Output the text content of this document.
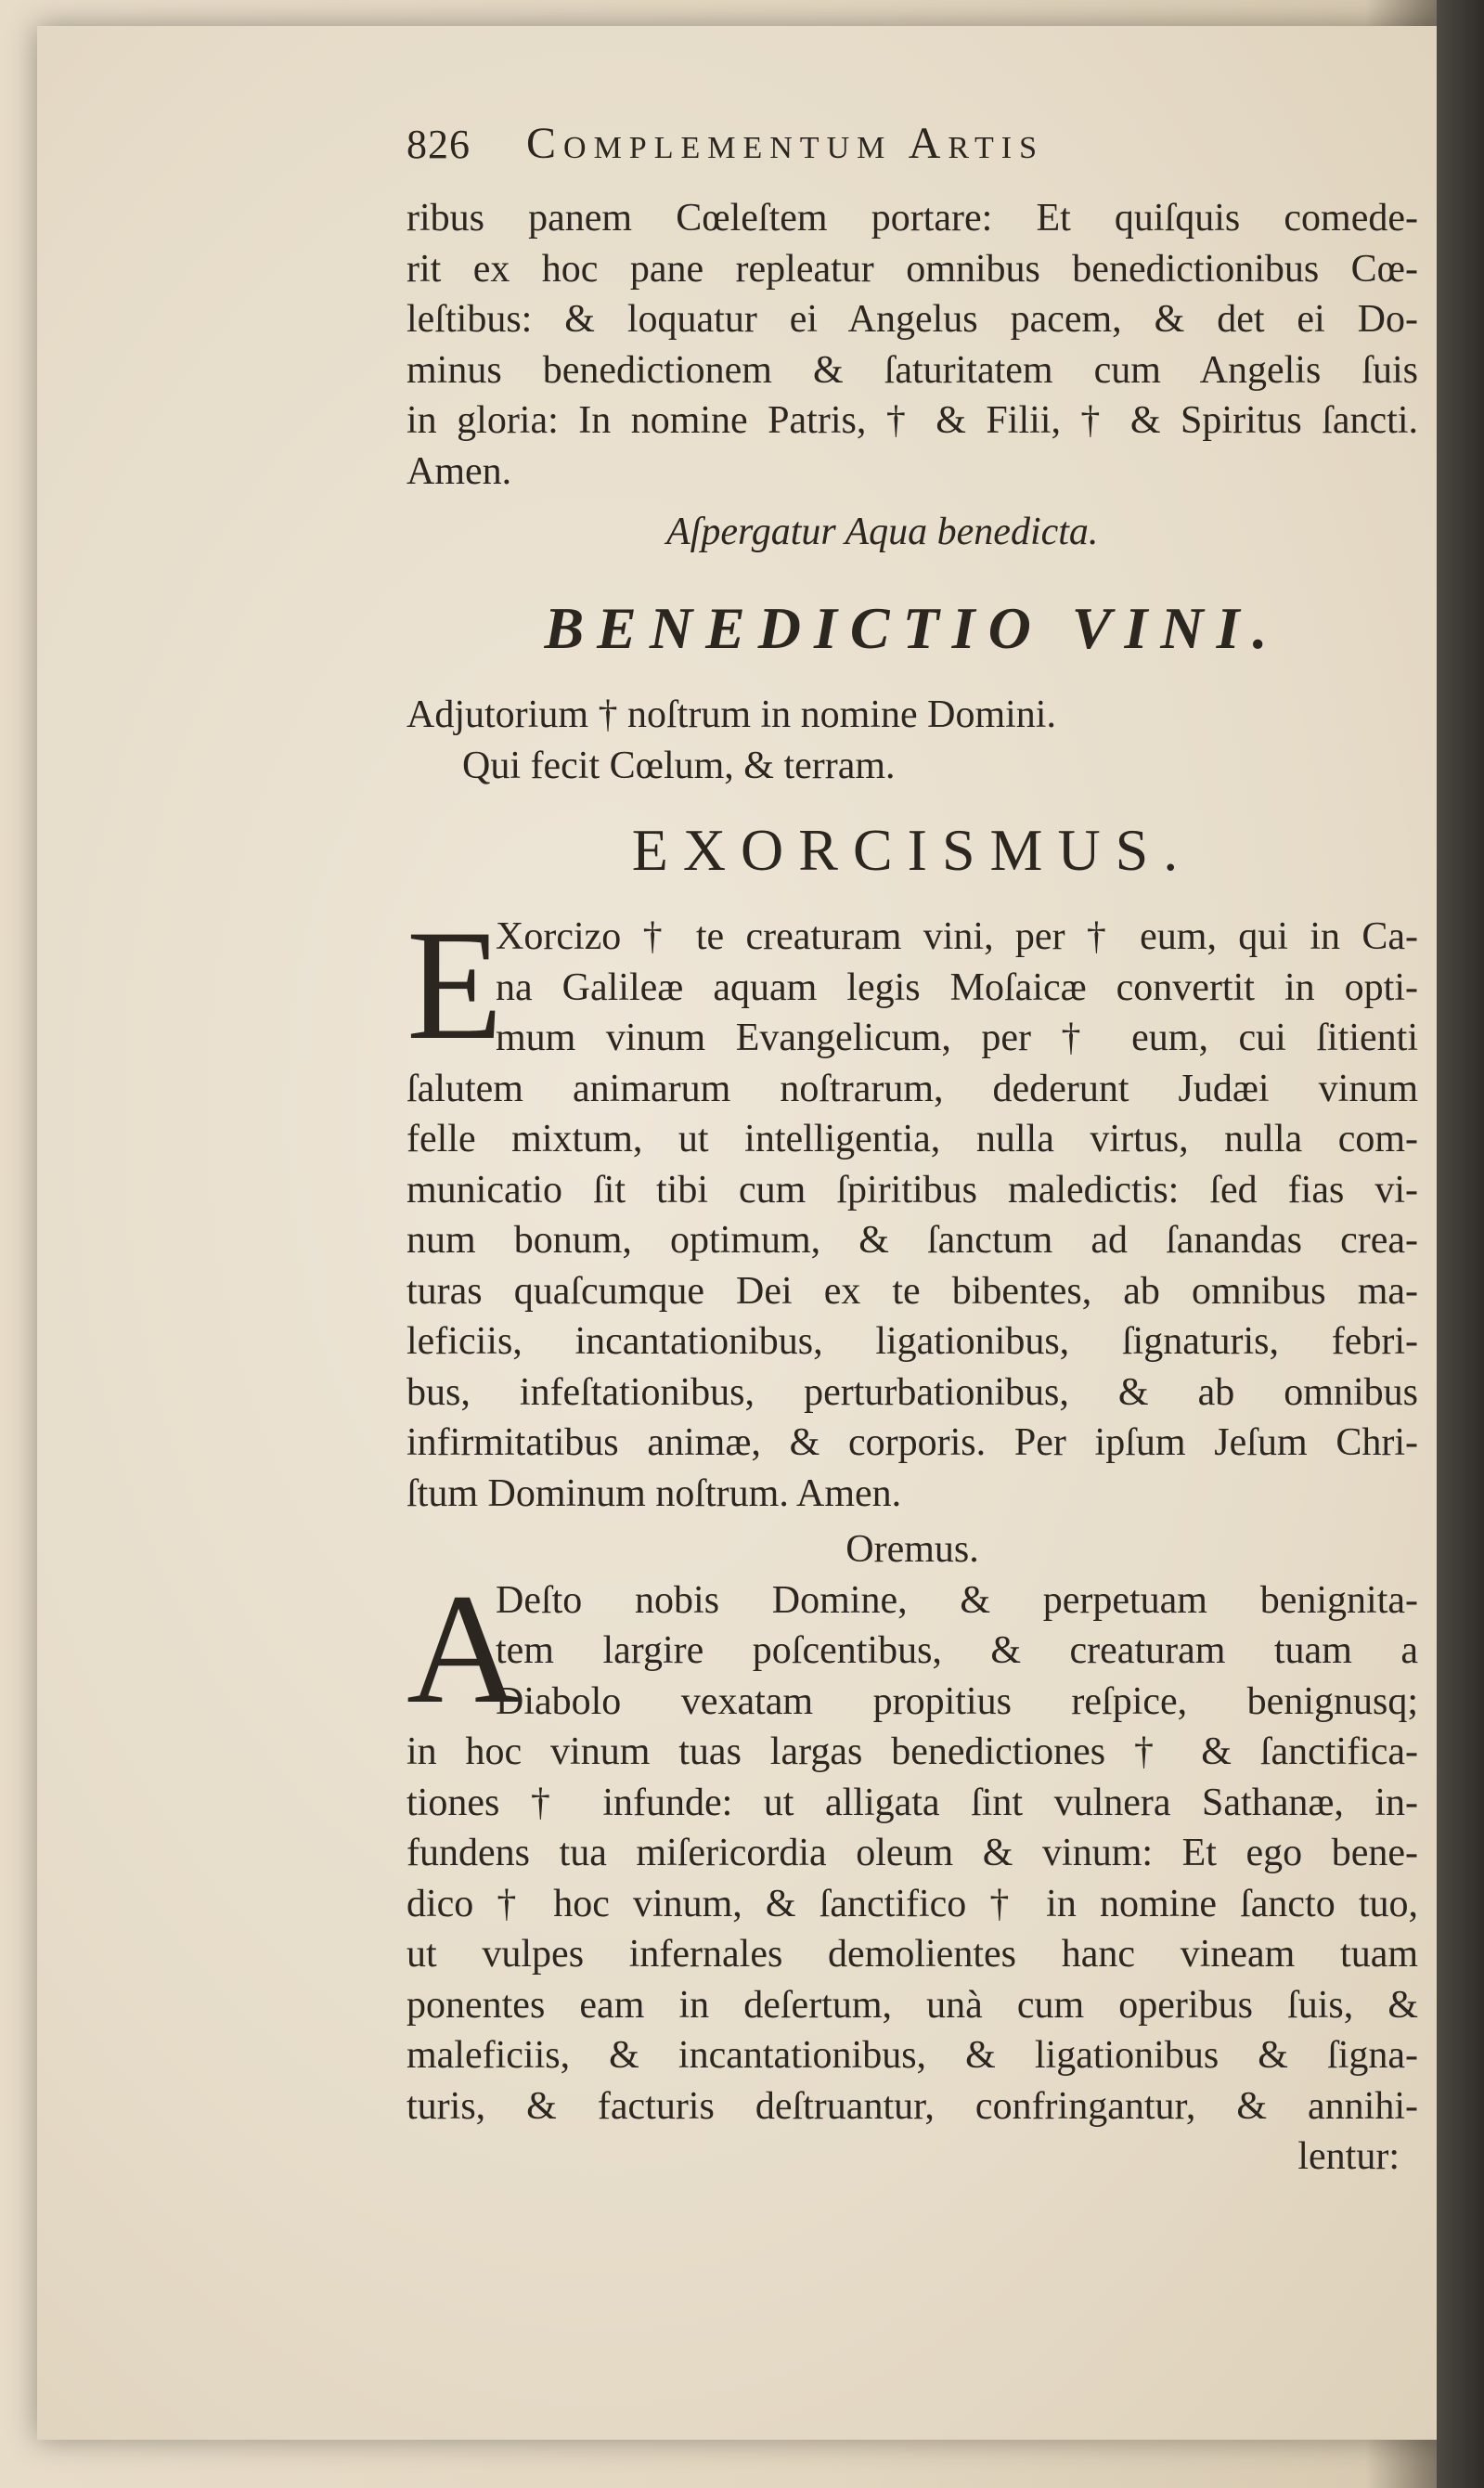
826 Complementum Artis
ribus panem Cœleſtem portare: Et quiſquis comede-
rit ex hoc pane repleatur omnibus benedictionibus Cœ-
leſtibus: & loquatur ei Angelus pacem, & det ei Do-
minus benedictionem & ſaturitatem cum Angelis ſuis
in gloria: In nomine Patris, † & Filii, † & Spiritus ſancti.
Amen.
Aſpergatur Aqua benedicta.
BENEDICTIO VINI.
Adjutorium † noſtrum in nomine Domini.
Qui fecit Cœlum, & terram.
EXORCISMUS.
E
Xorcizo † te creaturam vini, per † eum, qui in Ca-
na Galileæ aquam legis Moſaicæ convertit in opti-
mum vinum Evangelicum, per † eum, cui ſitienti
ſalutem animarum noſtrarum, dederunt Judæi vinum
felle mixtum, ut intelligentia, nulla virtus, nulla com-
municatio ſit tibi cum ſpiritibus maledictis: ſed fias vi-
num bonum, optimum, & ſanctum ad ſanandas crea-
turas quaſcumque Dei ex te bibentes, ab omnibus ma-
leficiis, incantationibus, ligationibus, ſignaturis, febri-
bus, infeſtationibus, perturbationibus, & ab omnibus
infirmitatibus animæ, & corporis. Per ipſum Jeſum Chri-
ſtum Dominum noſtrum. Amen.
Oremus.
A
Deſto nobis Domine, & perpetuam benignita-
tem largire poſcentibus, & creaturam tuam a
Diabolo vexatam propitius reſpice, benignusq;
in hoc vinum tuas largas benedictiones † & ſanctifica-
tiones † infunde: ut alligata ſint vulnera Sathanæ, in-
fundens tua miſericordia oleum & vinum: Et ego bene-
dico † hoc vinum, & ſanctifico † in nomine ſancto tuo,
ut vulpes infernales demolientes hanc vineam tuam
ponentes eam in deſertum, unà cum operibus ſuis, &
maleficiis, & incantationibus, & ligationibus & ſigna-
turis, & facturis deſtruantur, confringantur, & annihi-
lentur:
